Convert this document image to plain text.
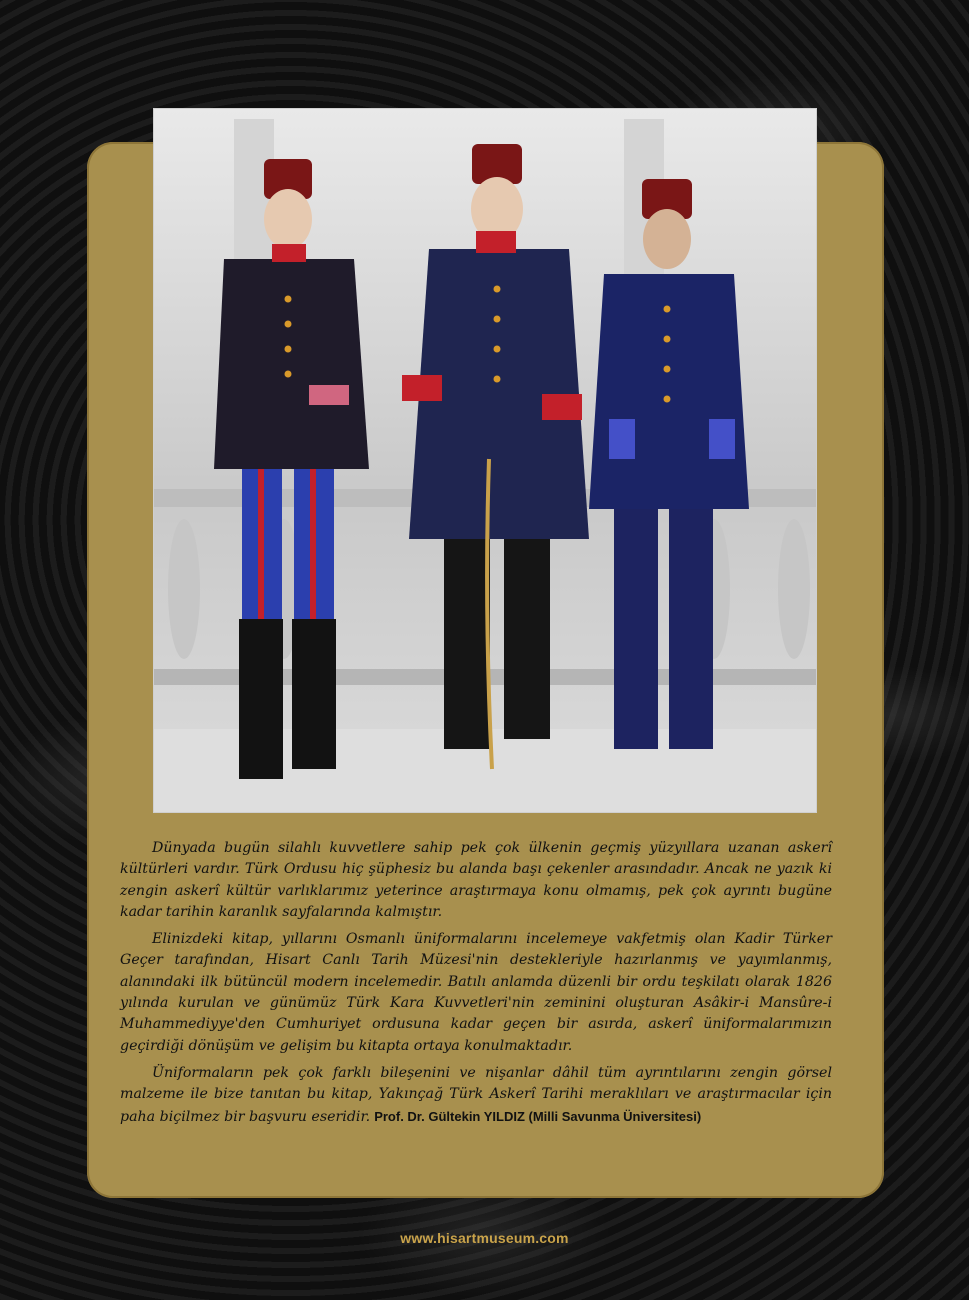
Dünyada bugün silahlı kuvvetlere sahip pek çok ülkenin geçmiş yüzyıllara uzanan askerî kültürleri vardır. Türk Ordusu hiç şüphesiz bu alanda başı çekenler arasındadır. Ancak ne yazık ki zengin askerî kültür varlıklarımız yeterince araştırmaya konu olmamış, pek çok ayrıntı bugüne kadar tarihin karanlık sayfalarında kalmıştır.

Elinizdeki kitap, yıllarını Osmanlı üniformalarını incelemeye vakfetmiş olan Kadir Türker Geçer tarafından, Hisart Canlı Tarih Müzesi'nin destekleriyle hazırlanmış ve yayımlanmış, alanındaki ilk bütüncül modern incelemedir. Batılı anlamda düzenli bir ordu teşkilatı olarak 1826 yılında kurulan ve günümüz Türk Kara Kuvvetleri'nin zeminini oluşturan Asâkir-i Mansûre-i Muhammediyye'den Cumhuriyet ordusuna kadar geçen bir asırda, askerî üniformalarımızın geçirdiği dönüşüm ve gelişim bu kitapta ortaya konulmaktadır.

Üniformaların pek çok farklı bileşenini ve nişanlar dâhil tüm ayrıntılarını zengin görsel malzeme ile bize tanıtan bu kitap, Yakınçağ Türk Askerî Tarihi meraklıları ve araştırmacılar için paha biçilmez bir başvuru eseridir. Prof. Dr. Gültekin YILDIZ (Milli Savunma Üniversitesi)

www.hisartmuseum.com
